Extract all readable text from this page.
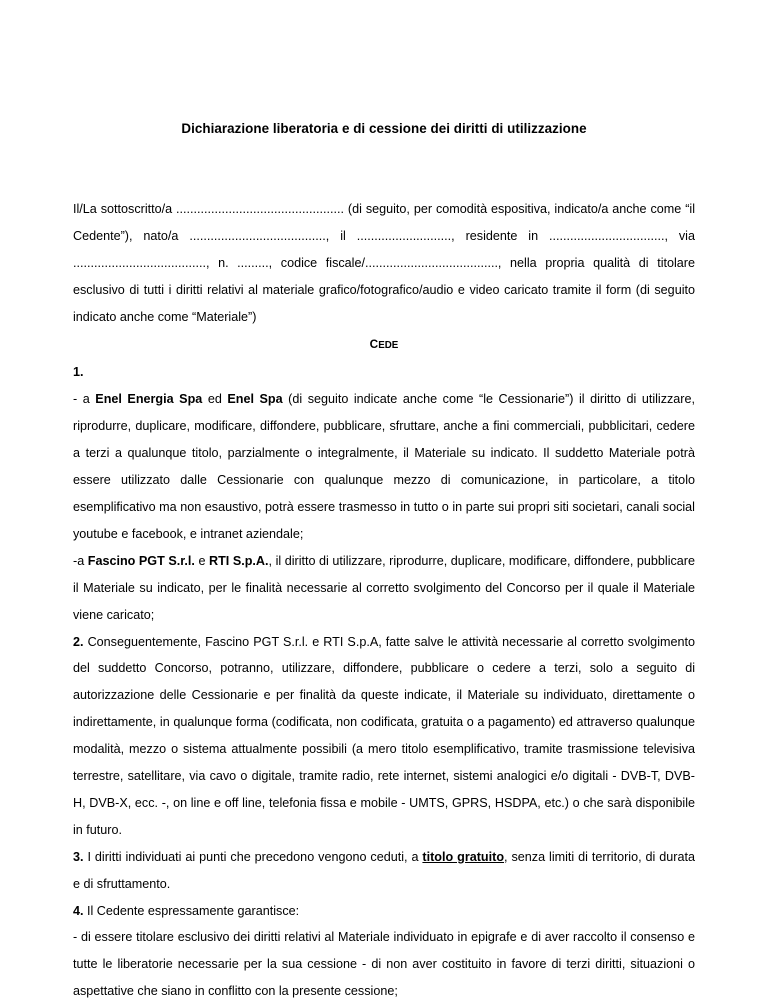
Dichiarazione liberatoria e di cessione dei diritti di utilizzazione

Il/La sottoscritto/a ................................................ (di seguito, per comodità espositiva, indicato/a anche come “il Cedente”), nato/a ......................................., il ..........................., residente in ................................., via ......................................, n. ........., codice fiscale/......................................, nella propria qualità di titolare esclusivo di tutti i diritti relativi al materiale grafico/fotografico/audio e video caricato tramite il form (di seguito indicato anche come “Materiale”)

CEDE

1.

- a Enel Energia Spa ed Enel Spa (di seguito indicate anche come “le Cessionarie”) il diritto di utilizzare, riprodurre, duplicare, modificare, diffondere, pubblicare, sfruttare, anche a fini commerciali, pubblicitari, cedere a terzi a qualunque titolo, parzialmente o integralmente, il Materiale su indicato. Il suddetto Materiale potrà essere utilizzato dalle Cessionarie con qualunque mezzo di comunicazione, in particolare, a titolo esemplificativo ma non esaustivo, potrà essere trasmesso in tutto o in parte sui propri siti societari, canali social youtube e facebook, e intranet aziendale;

-a Fascino PGT S.r.l. e RTI S.p.A., il diritto di utilizzare, riprodurre, duplicare, modificare, diffondere, pubblicare il Materiale su indicato, per le finalità necessarie al corretto svolgimento del Concorso per il quale il Materiale viene caricato;

2. Conseguentemente, Fascino PGT S.r.l. e RTI S.p.A, fatte salve le attività necessarie al corretto svolgimento del suddetto Concorso, potranno, utilizzare, diffondere, pubblicare o cedere a terzi, solo a seguito di autorizzazione delle Cessionarie e per finalità da queste indicate, il Materiale su individuato, direttamente o indirettamente, in qualunque forma (codificata, non codificata, gratuita o a pagamento) ed attraverso qualunque modalità, mezzo o sistema attualmente possibili (a mero titolo esemplificativo, tramite trasmissione televisiva terrestre, satellitare, via cavo o digitale, tramite radio, rete internet, sistemi analogici e/o digitali - DVB-T, DVB-H, DVB-X, ecc. -, on line e off line, telefonia fissa e mobile - UMTS, GPRS, HSDPA, etc.) o che sarà disponibile in futuro.

3. I diritti individuati ai punti che precedono vengono ceduti, a titolo gratuito, senza limiti di territorio, di durata e di sfruttamento.

4. Il Cedente espressamente garantisce:

- di essere titolare esclusivo dei diritti relativi al Materiale individuato in epigrafe e di aver raccolto il consenso e tutte le liberatorie necessarie per la sua cessione - di non aver costituito in favore di terzi diritti, situazioni o aspettative che siano in conflitto con la presente cessione;
